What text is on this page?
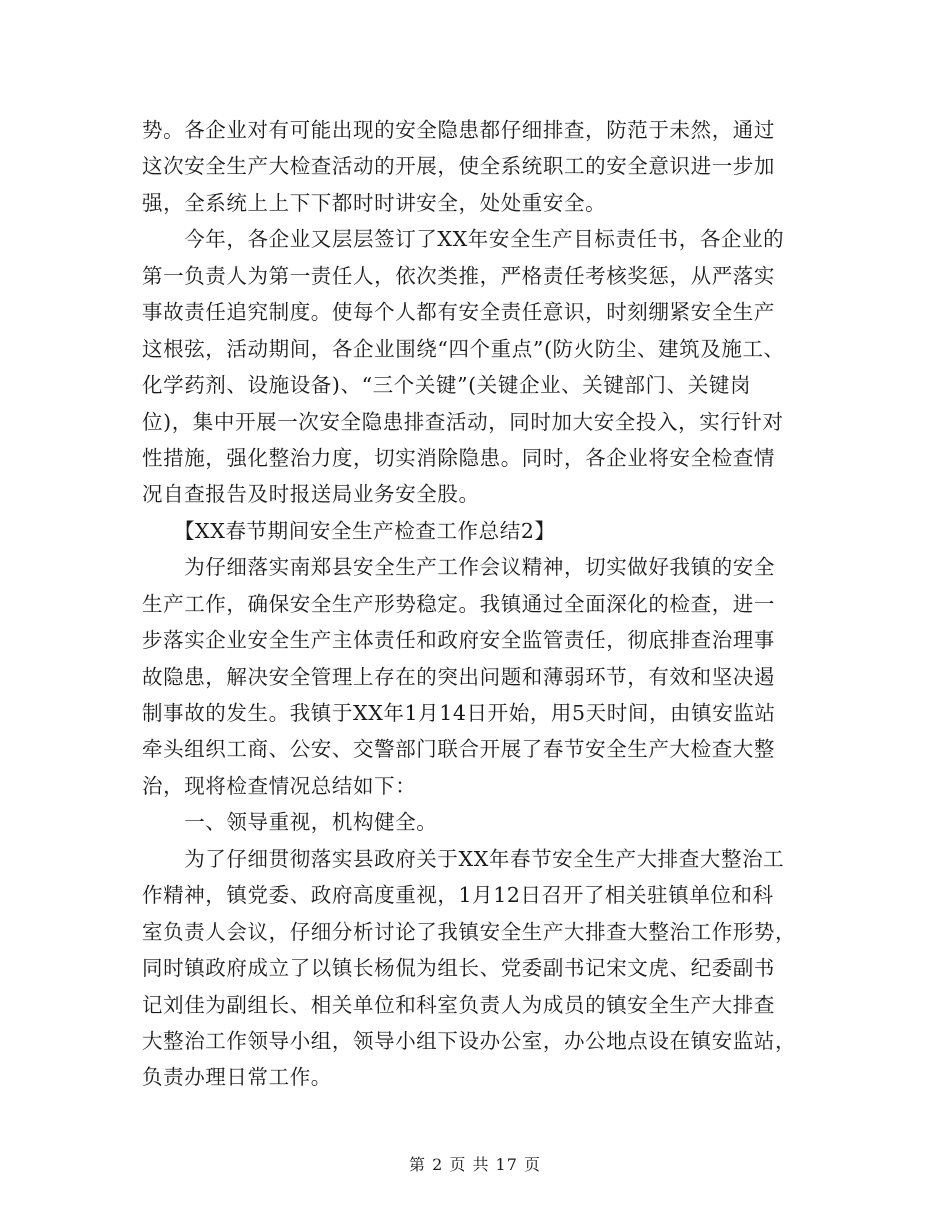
势。各企业对有可能出现的安全隐患都仔细排查，防范于未然，通过
这次安全生产大检查活动的开展，使全系统职工的安全意识进一步加
强，全系统上上下下都时时讲安全，处处重安全。
　　今年，各企业又层层签订了XX年安全生产目标责任书，各企业的
第一负责人为第一责任人，依次类推，严格责任考核奖惩，从严落实
事故责任追究制度。使每个人都有安全责任意识，时刻绷紧安全生产
这根弦，活动期间，各企业围绕“四个重点”(防火防尘、建筑及施工、
化学药剂、设施设备)、“三个关键”(关键企业、关键部门、关键岗
位)，集中开展一次安全隐患排查活动，同时加大安全投入，实行针对
性措施，强化整治力度，切实消除隐患。同时，各企业将安全检查情
况自查报告及时报送局业务安全股。
　　【XX春节期间安全生产检查工作总结2】
　　为仔细落实南郑县安全生产工作会议精神，切实做好我镇的安全
生产工作，确保安全生产形势稳定。我镇通过全面深化的检查，进一
步落实企业安全生产主体责任和政府安全监管责任，彻底排查治理事
故隐患，解决安全管理上存在的突出问题和薄弱环节，有效和坚决遏
制事故的发生。我镇于XX年1月14日开始，用5天时间，由镇安监站
牵头组织工商、公安、交警部门联合开展了春节安全生产大检查大整
治，现将检查情况总结如下：
　　一、领导重视，机构健全。
　　为了仔细贯彻落实县政府关于XX年春节安全生产大排查大整治工
作精神，镇党委、政府高度重视，1月12日召开了相关驻镇单位和科
室负责人会议，仔细分析讨论了我镇安全生产大排查大整治工作形势，
同时镇政府成立了以镇长杨侃为组长、党委副书记宋文虎、纪委副书
记刘佳为副组长、相关单位和科室负责人为成员的镇安全生产大排查
大整治工作领导小组，领导小组下设办公室，办公地点设在镇安监站，
负责办理日常工作。
第 2 页 共 17 页
